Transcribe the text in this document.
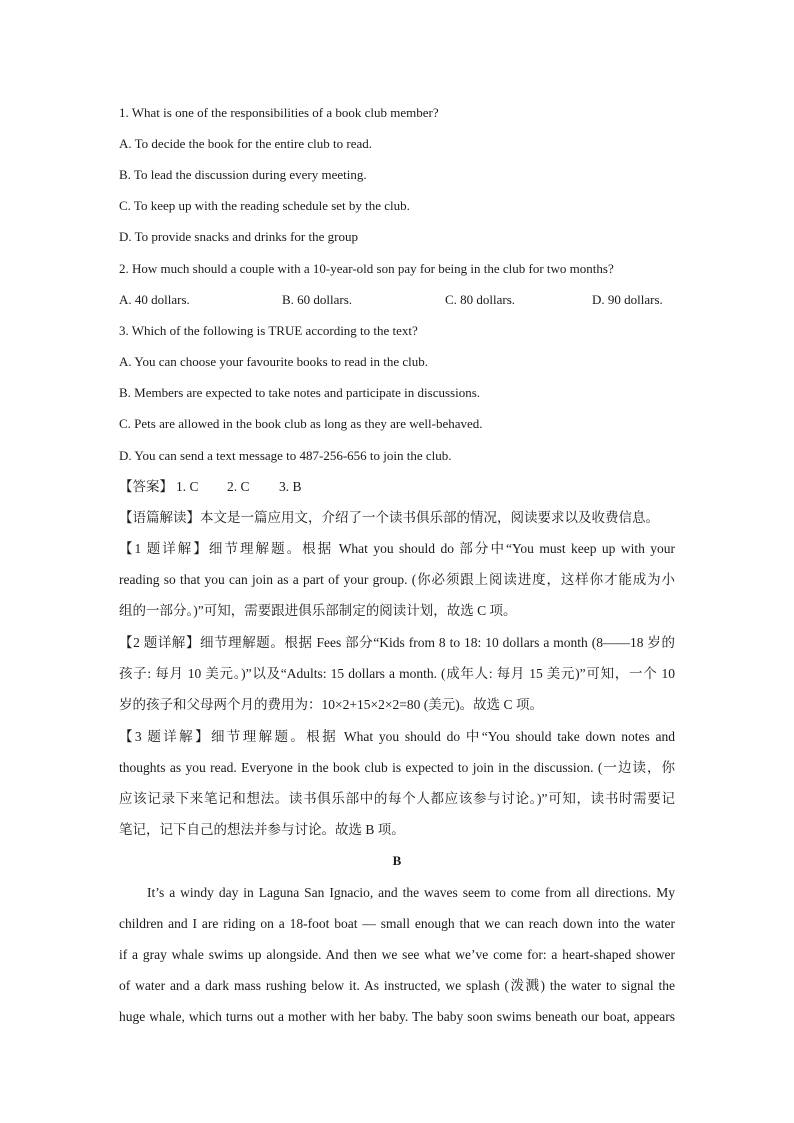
1. What is one of the responsibilities of a book club member?
A. To decide the book for the entire club to read.
B. To lead the discussion during every meeting.
C. To keep up with the reading schedule set by the club.
D. To provide snacks and drinks for the group
2. How much should a couple with a 10-year-old son pay for being in the club for two months?
A. 40 dollars.	B. 60 dollars.	C. 80 dollars.	D. 90 dollars.
3. Which of the following is TRUE according to the text?
A. You can choose your favourite books to read in the club.
B. Members are expected to take notes and participate in discussions.
C. Pets are allowed in the book club as long as they are well-behaved.
D. You can send a text message to 487-256-656 to join the club.
【答案】 1. C 2. C 3. B
【语篇解读】本文是一篇应用文，介绍了一个读书俱乐部的情况，阅读要求以及收费信息。
【1 题详解】细节理解题。根据 What you should do 部分中“You must keep up with your
reading so that you can join as a part of your group. (你必须跟上阅读进度，这样你才能成为小
组的一部分。)”可知，需要跟进俱乐部制定的阅读计划，故选 C 项。
【2 题详解】细节理解题。根据 Fees 部分“Kids from 8 to 18: 10 dollars a month (8——18 岁的
孩子: 每月 10 美元。)”以及“Adults: 15 dollars a month. (成年人: 每月 15 美元)”可知，一个 10
岁的孩子和父母两个月的费用为：10×2+15×2×2=80 (美元)。故选 C 项。
【3 题详解】细节理解题。根据 What you should do 中“You should take down notes and
thoughts as you read. Everyone in the book club is expected to join in the discussion. (一边读，你
应该记录下来笔记和想法。读书俱乐部中的每个人都应该参与讨论。)”可知，读书时需要记
笔记，记下自己的想法并参与讨论。故选 B 项。
B
It’s a windy day in Laguna San Ignacio, and the waves seem to come from all directions. My
children and I are riding on a 18-foot boat — small enough that we can reach down into the water
if a gray whale swims up alongside. And then we see what we’ve come for: a heart-shaped shower
of water and a dark mass rushing below it. As instructed, we splash (泼溅) the water to signal the
huge whale, which turns out a mother with her baby. The baby soon swims beneath our boat, appears
